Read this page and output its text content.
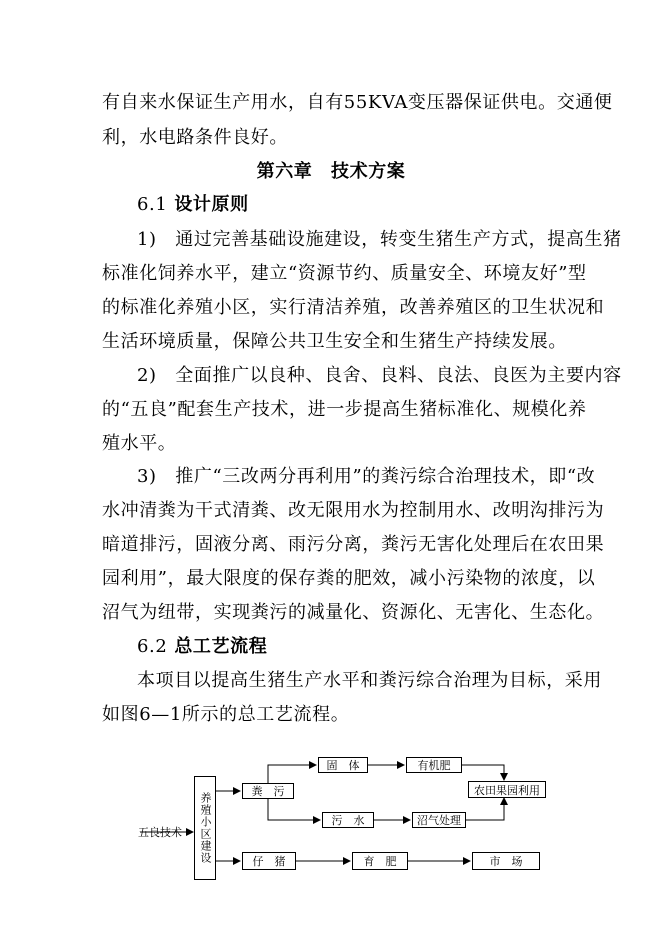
有自来水保证生产用水，自有55KVA变压器保证供电。交通便
利，水电路条件良好。
第六章　技术方案
6.1 设计原则
1)　通过完善基础设施建设，转变生猪生产方式，提高生猪
标准化饲养水平，建立“资源节约、质量安全、环境友好”型
的标准化养殖小区，实行清洁养殖，改善养殖区的卫生状况和
生活环境质量，保障公共卫生安全和生猪生产持续发展。
2)　全面推广以良种、良舍、良料、良法、良医为主要内容
的“五良”配套生产技术，进一步提高生猪标准化、规模化养
殖水平。
3)　推广“三改两分再利用”的粪污综合治理技术，即“改
水冲清粪为干式清粪、改无限用水为控制用水、改明沟排污为
暗道排污，固液分离、雨污分离，粪污无害化处理后在农田果
园利用”，最大限度的保存粪的肥效，减小污染物的浓度，以
沼气为纽带，实现粪污的减量化、资源化、无害化、生态化。
6.2 总工艺流程
本项目以提高生猪生产水平和粪污综合治理为目标，采用
如图6—1所示的总工艺流程。
五良技术	养殖小区建设
粪　污
固　体	有机肥
农田果园利用
污　水	沼气处理
仔　猪	育　肥	市　场
